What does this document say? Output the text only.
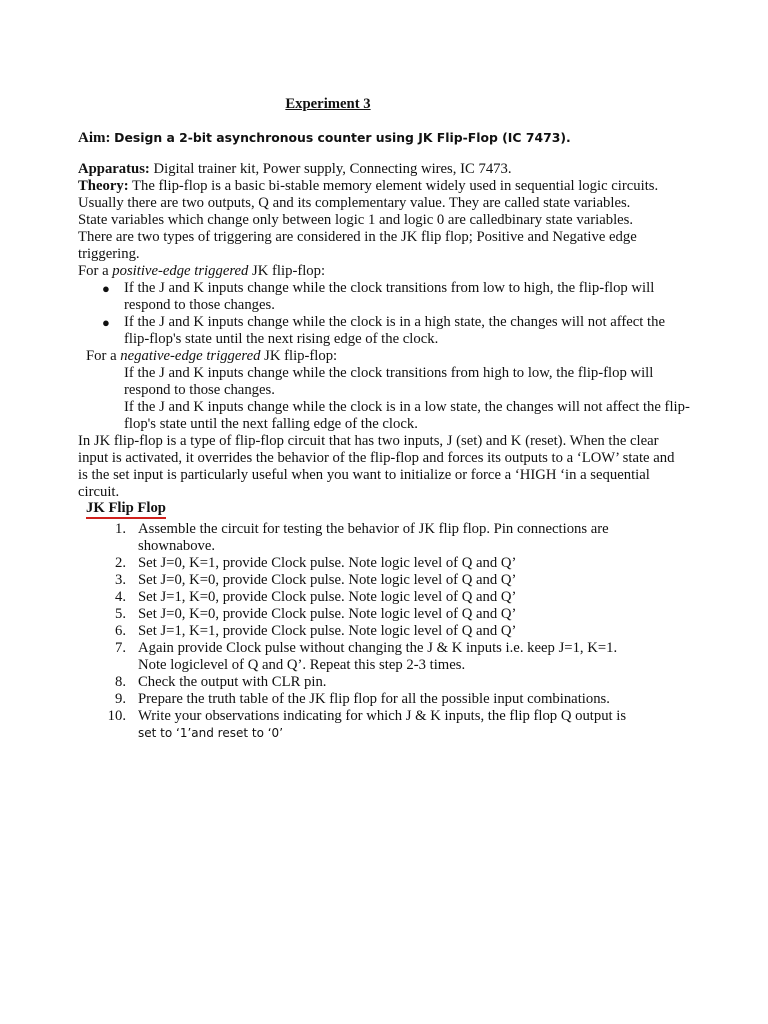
Experiment 3
Aim: Design a 2-bit asynchronous counter using JK Flip-Flop (IC 7473).
Apparatus: Digital trainer kit, Power supply, Connecting wires, IC 7473.
Theory: The flip-flop is a basic bi-stable memory element widely used in sequential logic circuits.
Usually there are two outputs, Q and its complementary value. They are called state variables.
State variables which change only between logic 1 and logic 0 are calledbinary state variables.
There are two types of triggering are considered in the JK flip flop; Positive and Negative edge
triggering.
For a positive-edge triggered JK flip-flop:
● If the J and K inputs change while the clock transitions from low to high, the flip-flop will
respond to those changes.
● If the J and K inputs change while the clock is in a high state, the changes will not affect the
flip-flop's state until the next rising edge of the clock.
For a negative-edge triggered JK flip-flop:
If the J and K inputs change while the clock transitions from high to low, the flip-flop will
respond to those changes.
If the J and K inputs change while the clock is in a low state, the changes will not affect the flip-
flop's state until the next falling edge of the clock.
In JK flip-flop is a type of flip-flop circuit that has two inputs, J (set) and K (reset). When the clear
input is activated, it overrides the behavior of the flip-flop and forces its outputs to a ‘LOW’ state and
is the set input is particularly useful when you want to initialize or force a ‘HIGH ‘in a sequential
circuit.
JK Flip Flop
1. Assemble the circuit for testing the behavior of JK flip flop. Pin connections are
shownabove.
2. Set J=0, K=1, provide Clock pulse. Note logic level of Q and Q’
3. Set J=0, K=0, provide Clock pulse. Note logic level of Q and Q’
4. Set J=1, K=0, provide Clock pulse. Note logic level of Q and Q’
5. Set J=0, K=0, provide Clock pulse. Note logic level of Q and Q’
6. Set J=1, K=1, provide Clock pulse. Note logic level of Q and Q’
7. Again provide Clock pulse without changing the J & K inputs i.e. keep J=1, K=1.
Note logiclevel of Q and Q’. Repeat this step 2-3 times.
8. Check the output with CLR pin.
9. Prepare the truth table of the JK flip flop for all the possible input combinations.
10. Write your observations indicating for which J & K inputs, the flip flop Q output is
set to ‘1’and reset to ‘0’
